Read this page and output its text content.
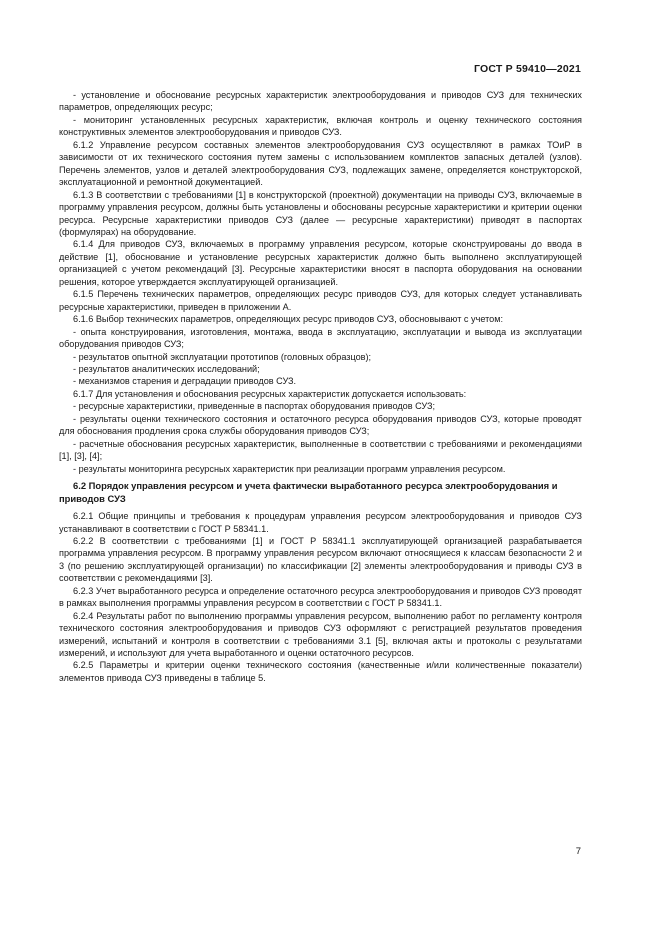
ГОСТ Р 59410—2021

- установление и обоснование ресурсных характеристик электрооборудования и приводов СУЗ для технических параметров, определяющих ресурс;

- мониторинг установленных ресурсных характеристик, включая контроль и оценку технического состояния конструктивных элементов электрооборудования и приводов СУЗ.

6.1.2 Управление ресурсом составных элементов электрооборудования СУЗ осуществляют в рамках ТОиР в зависимости от их технического состояния путем замены с использованием комплектов запасных деталей (узлов). Перечень элементов, узлов и деталей электрооборудования СУЗ, подлежащих замене, определяется конструкторской, эксплуатационной и ремонтной документацией.

6.1.3 В соответствии с требованиями [1] в конструкторской (проектной) документации на приводы СУЗ, включаемые в программу управления ресурсом, должны быть установлены и обоснованы ресурсные характеристики и критерии оценки ресурса. Ресурсные характеристики приводов СУЗ (далее — ресурсные характеристики) приводят в паспортах (формулярах) на оборудование.

6.1.4 Для приводов СУЗ, включаемых в программу управления ресурсом, которые сконструированы до ввода в действие [1], обоснование и установление ресурсных характеристик должно быть выполнено эксплуатирующей организацией с учетом рекомендаций [3]. Ресурсные характеристики вносят в паспорта оборудования на основании решения, которое утверждается эксплуатирующей организацией.

6.1.5 Перечень технических параметров, определяющих ресурс приводов СУЗ, для которых следует устанавливать ресурсные характеристики, приведен в приложении А.

6.1.6 Выбор технических параметров, определяющих ресурс приводов СУЗ, обосновывают с учетом:

- опыта конструирования, изготовления, монтажа, ввода в эксплуатацию, эксплуатации и вывода из эксплуатации оборудования приводов СУЗ;

- результатов опытной эксплуатации прототипов (головных образцов);

- результатов аналитических исследований;

- механизмов старения и деградации приводов СУЗ.

6.1.7 Для установления и обоснования ресурсных характеристик допускается использовать:

- ресурсные характеристики, приведенные в паспортах оборудования приводов СУЗ;

- результаты оценки технического состояния и остаточного ресурса оборудования приводов СУЗ, которые проводят для обоснования продления срока службы оборудования приводов СУЗ;

- расчетные обоснования ресурсных характеристик, выполненные в соответствии с требованиями и рекомендациями [1], [3], [4];

- результаты мониторинга ресурсных характеристик при реализации программ управления ресурсом.

6.2 Порядок управления ресурсом и учета фактически выработанного ресурса электрооборудования и приводов СУЗ

6.2.1 Общие принципы и требования к процедурам управления ресурсом электрооборудования и приводов СУЗ устанавливают в соответствии с ГОСТ Р 58341.1.

6.2.2 В соответствии с требованиями [1] и ГОСТ Р 58341.1 эксплуатирующей организацией разрабатывается программа управления ресурсом. В программу управления ресурсом включают относящиеся к классам безопасности 2 и 3 (по решению эксплуатирующей организации) по классификации [2] элементы электрооборудования и приводы СУЗ в соответствии с рекомендациями [3].

6.2.3 Учет выработанного ресурса и определение остаточного ресурса электрооборудования и приводов СУЗ проводят в рамках выполнения программы управления ресурсом в соответствии с ГОСТ Р 58341.1.

6.2.4 Результаты работ по выполнению программы управления ресурсом, выполнению работ по регламенту контроля технического состояния электрооборудования и приводов СУЗ оформляют с регистрацией результатов проведения измерений, испытаний и контроля в соответствии с требованиями 3.1 [5], включая акты и протоколы с результатами измерений, и используют для учета выработанного и оценки остаточного ресурсов.

6.2.5 Параметры и критерии оценки технического состояния (качественные и/или количественные показатели) элементов привода СУЗ приведены в таблице 5.

7
